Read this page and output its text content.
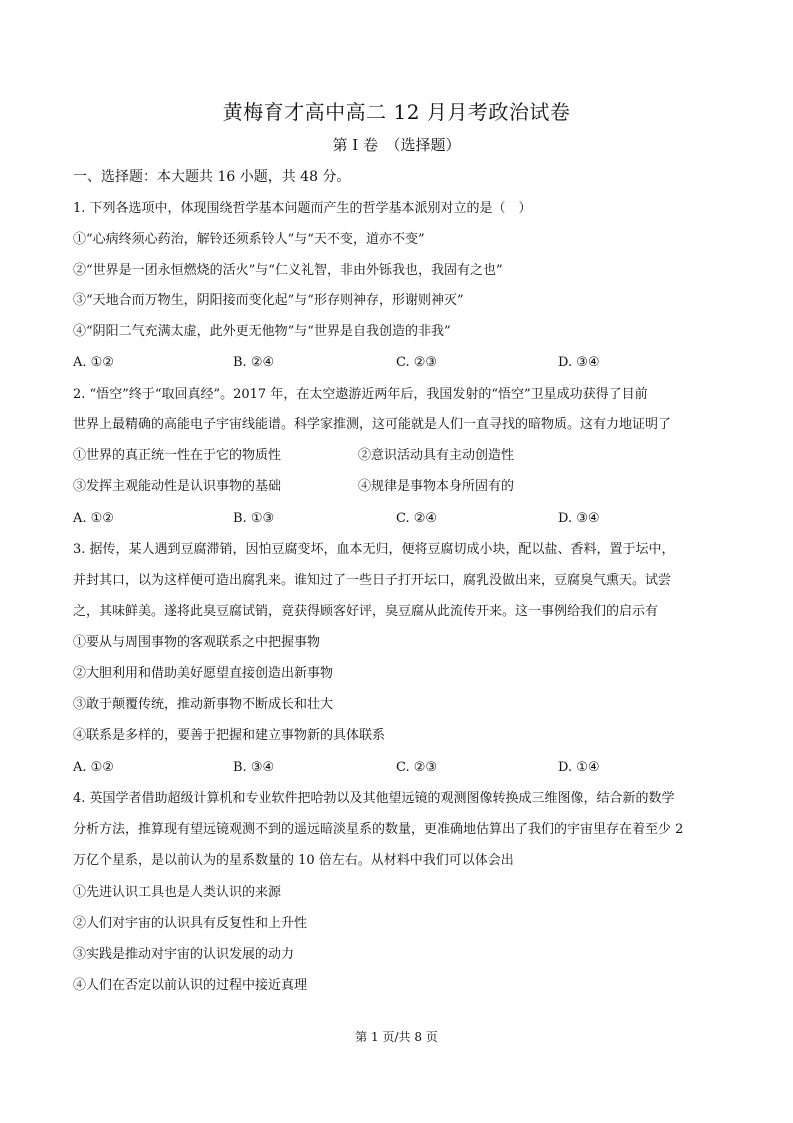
黄梅育才高中高二 12 月月考政治试卷
第 I 卷　（选择题）
一、选择题：本大题共 16 小题，共 48 分。
1. 下列各选项中，体现围绕哲学基本问题而产生的哲学基本派别对立的是（　）
①“心病终须心药治，解铃还须系铃人”与“天不变，道亦不变”
②“世界是一团永恒燃烧的活火”与“仁义礼智，非由外铄我也，我固有之也”
③“天地合而万物生，阴阳接而变化起”与“形存则神存，形谢则神灭”
④“阴阳二气充满太虚，此外更无他物”与“世界是自我创造的非我”
A. ①②	B. ②④	C. ②③	D. ③④
2. “悟空”终于“取回真经”。2017 年，在太空遨游近两年后，我国发射的“悟空”卫星成功获得了目前
世界上最精确的高能电子宇宙线能谱。科学家推测，这可能就是人们一直寻找的暗物质。这有力地证明了
①世界的真正统一性在于它的物质性	②意识活动具有主动创造性
③发挥主观能动性是认识事物的基础	④规律是事物本身所固有的
A. ①②	B. ①③	C. ②④	D. ③④
3. 据传，某人遇到豆腐滞销，因怕豆腐变坏，血本无归，便将豆腐切成小块，配以盐、香料，置于坛中，
并封其口，以为这样便可造出腐乳来。谁知过了一些日子打开坛口，腐乳没做出来，豆腐臭气熏天。试尝
之，其味鲜美。遂将此臭豆腐试销，竟获得顾客好评，臭豆腐从此流传开来。这一事例给我们的启示有
①要从与周围事物的客观联系之中把握事物
②大胆利用和借助美好愿望直接创造出新事物
③敢于颠覆传统，推动新事物不断成长和壮大
④联系是多样的，要善于把握和建立事物新的具体联系
A. ①②	B. ③④	C. ②③	D. ①④
4. 英国学者借助超级计算机和专业软件把哈勃以及其他望远镜的观测图像转换成三维图像，结合新的数学
分析方法，推算现有望远镜观测不到的遥远暗淡星系的数量，更准确地估算出了我们的宇宙里存在着至少 2
万亿个星系，是以前认为的星系数量的 10 倍左右。从材料中我们可以体会出
①先进认识工具也是人类认识的来源
②人们对宇宙的认识具有反复性和上升性
③实践是推动对宇宙的认识发展的动力
④人们在否定以前认识的过程中接近真理
第 1 页/共 8 页
